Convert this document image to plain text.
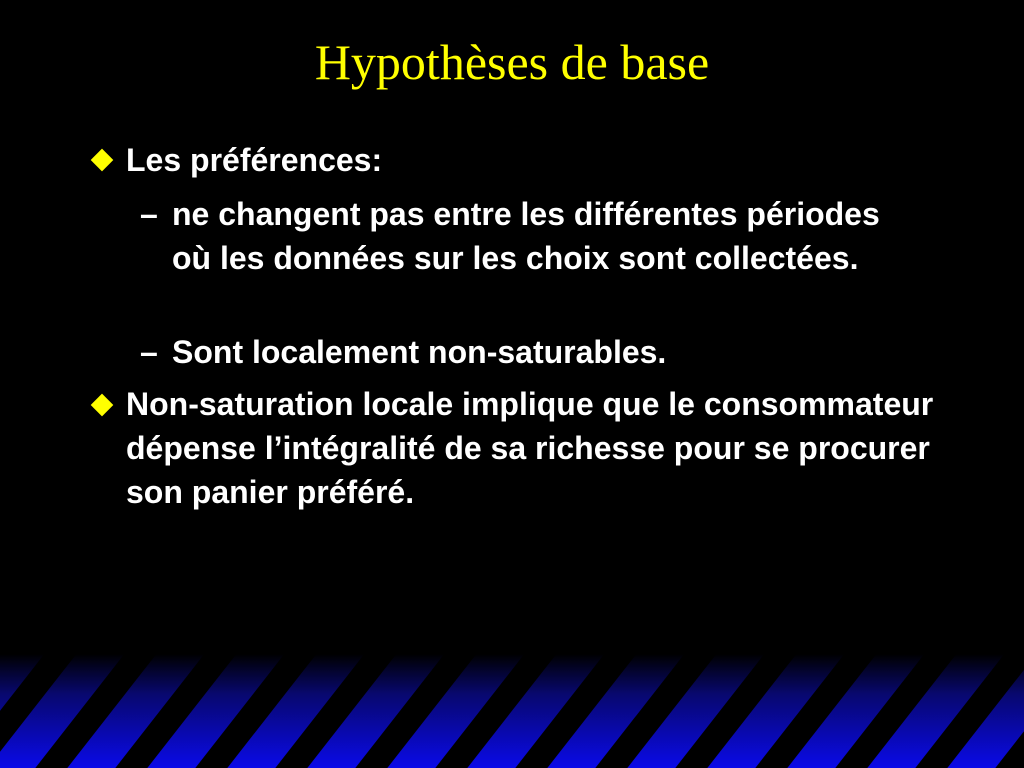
Hypothèses de base
Les préférences:
– ne changent pas entre les différentes périodes où les données sur les choix sont collectées.
– Sont localement non-saturables.
Non-saturation locale implique que le consommateur dépense l’intégralité de sa richesse pour se procurer son panier préféré.
